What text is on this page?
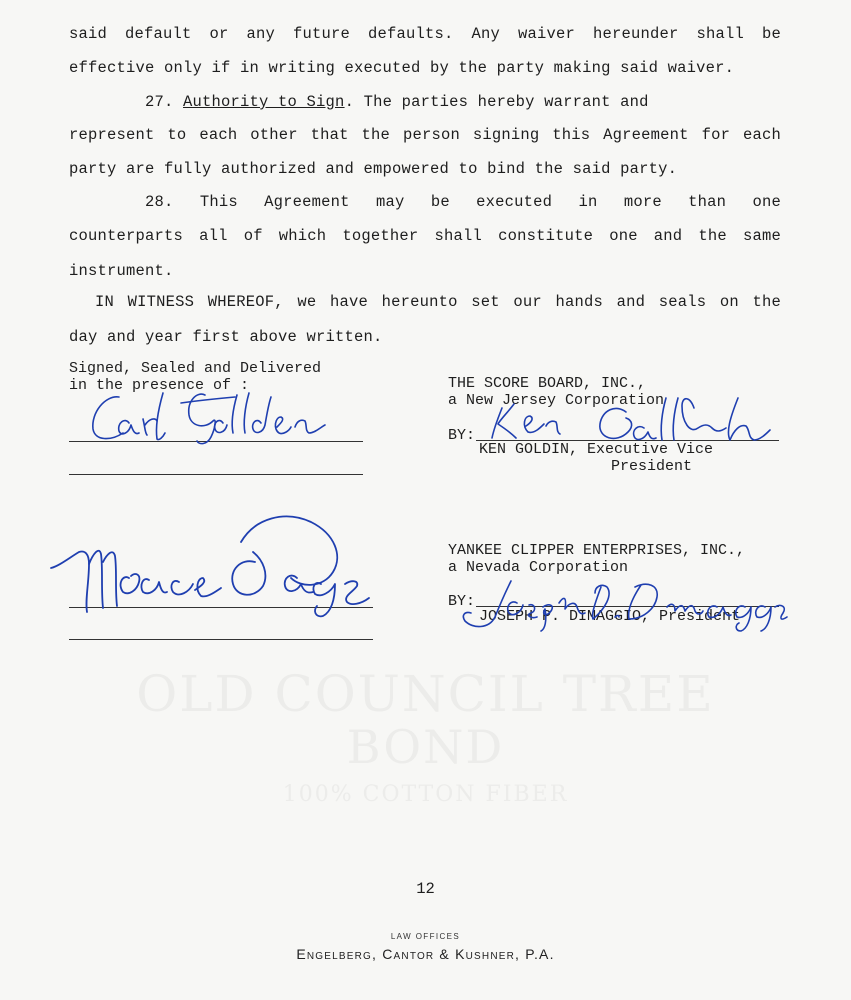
OLD COUNCIL TREE
BOND
100% COTTON FIBER
said default or any future defaults. Any waiver hereunder shall be
effective only if in writing executed by the party making said waiver.
27. Authority to Sign. The parties hereby warrant and
represent to each other that the person signing this Agreement for each
party are fully authorized and empowered to bind the said party.
28. This Agreement may be executed in more than one
counterparts all of which together shall constitute one and the same
instrument.
IN WITNESS WHEREOF, we have hereunto set our hands and seals on the
day and year first above written.
Signed, Sealed and Delivered
in the presence of :	THE SCORE BOARD, INC.,
a New Jersey Corporation
BY:
KEN GOLDIN, Executive Vice
President
YANKEE CLIPPER ENTERPRISES, INC.,
a Nevada Corporation
BY:
JOSEPH P. DIMAGGIO, President
12
LAW OFFICES
Engelberg, Cantor & Kushner, P.A.
